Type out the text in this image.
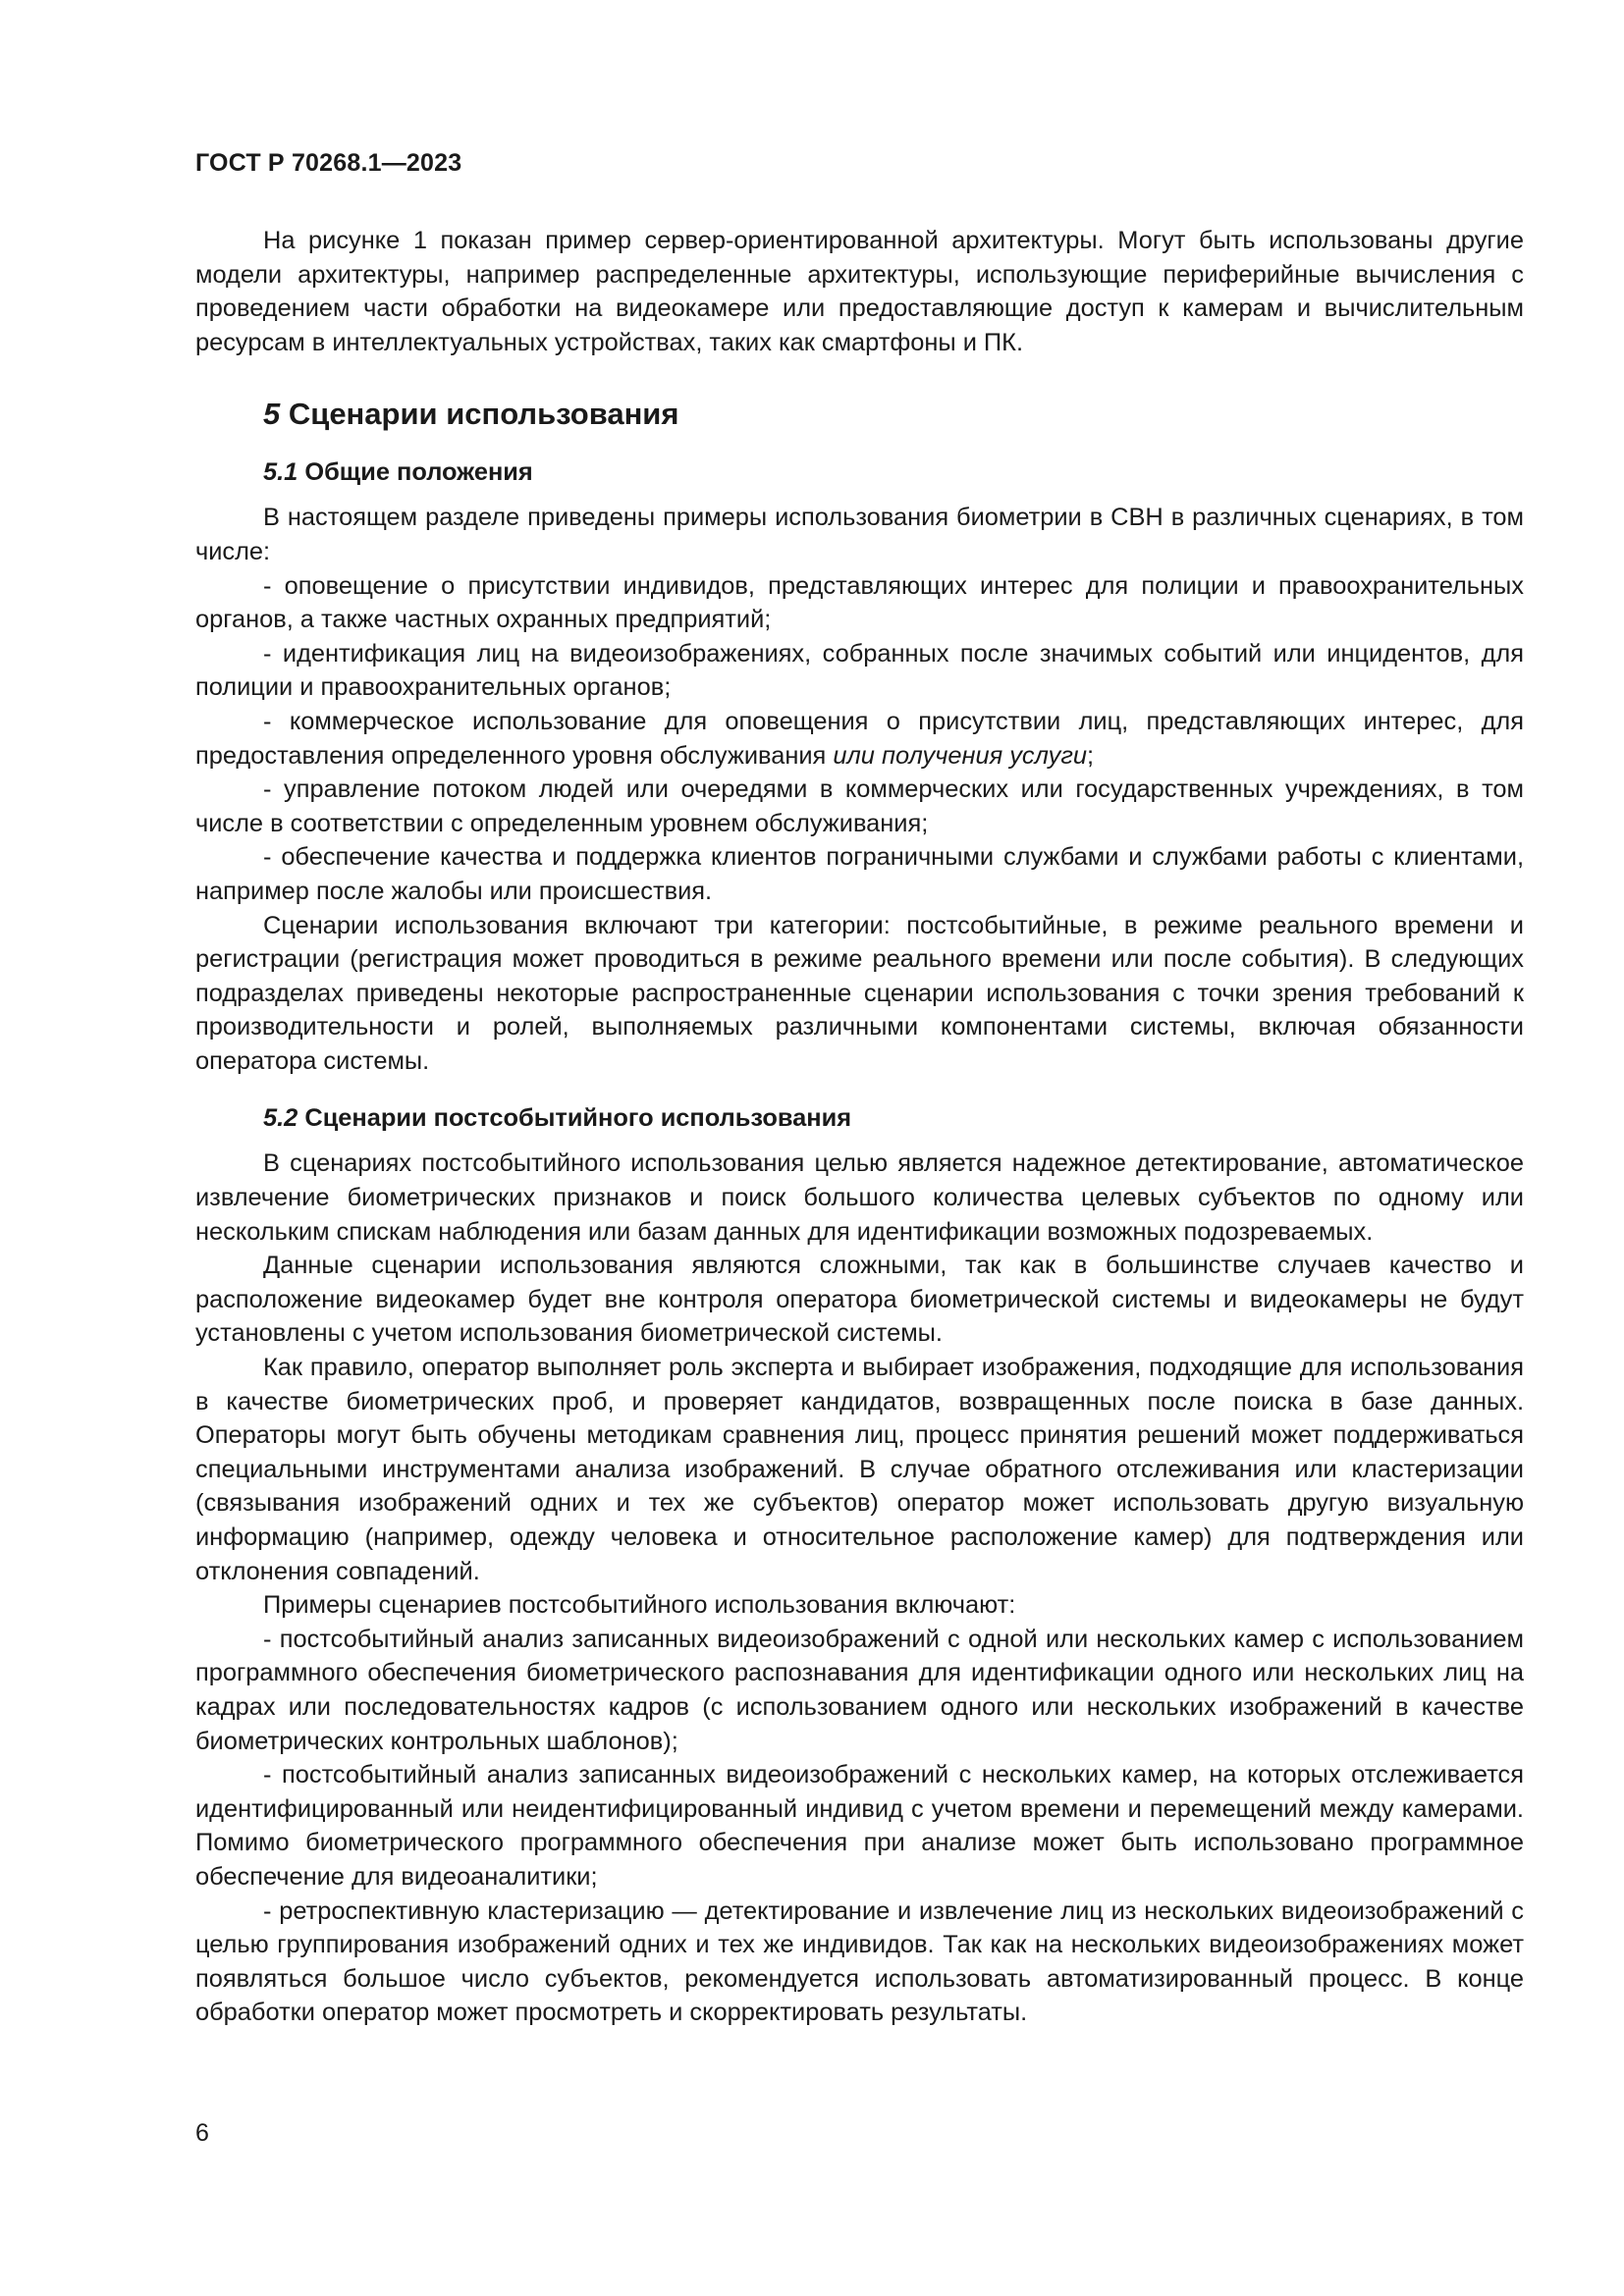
ГОСТ Р 70268.1—2023

На рисунке 1 показан пример сервер-ориентированной архитектуры. Могут быть использованы другие модели архитектуры, например распределенные архитектуры, использующие периферийные вычисления с проведением части обработки на видеокамере или предоставляющие доступ к камерам и вычислительным ресурсам в интеллектуальных устройствах, таких как смартфоны и ПК.

5 Сценарии использования
5.1 Общие положения

В настоящем разделе приведены примеры использования биометрии в СВН в различных сценариях, в том числе:

- оповещение о присутствии индивидов, представляющих интерес для полиции и правоохранительных органов, а также частных охранных предприятий;

- идентификация лиц на видеоизображениях, собранных после значимых событий или инцидентов, для полиции и правоохранительных органов;

- коммерческое использование для оповещения о присутствии лиц, представляющих интерес, для предоставления определенного уровня обслуживания или получения услуги;

- управление потоком людей или очередями в коммерческих или государственных учреждениях, в том числе в соответствии с определенным уровнем обслуживания;

- обеспечение качества и поддержка клиентов пограничными службами и службами работы с клиентами, например после жалобы или происшествия.

Сценарии использования включают три категории: постсобытийные, в режиме реального времени и регистрации (регистрация может проводиться в режиме реального времени или после события). В следующих подразделах приведены некоторые распространенные сценарии использования с точки зрения требований к производительности и ролей, выполняемых различными компонентами системы, включая обязанности оператора системы.

5.2 Сценарии постсобытийного использования

В сценариях постсобытийного использования целью является надежное детектирование, автоматическое извлечение биометрических признаков и поиск большого количества целевых субъектов по одному или нескольким спискам наблюдения или базам данных для идентификации возможных подозреваемых.

Данные сценарии использования являются сложными, так как в большинстве случаев качество и расположение видеокамер будет вне контроля оператора биометрической системы и видеокамеры не будут установлены с учетом использования биометрической системы.

Как правило, оператор выполняет роль эксперта и выбирает изображения, подходящие для использования в качестве биометрических проб, и проверяет кандидатов, возвращенных после поиска в базе данных. Операторы могут быть обучены методикам сравнения лиц, процесс принятия решений может поддерживаться специальными инструментами анализа изображений. В случае обратного отслеживания или кластеризации (связывания изображений одних и тех же субъектов) оператор может использовать другую визуальную информацию (например, одежду человека и относительное расположение камер) для подтверждения или отклонения совпадений.

Примеры сценариев постсобытийного использования включают:

- постсобытийный анализ записанных видеоизображений с одной или нескольких камер с использованием программного обеспечения биометрического распознавания для идентификации одного или нескольких лиц на кадрах или последовательностях кадров (с использованием одного или нескольких изображений в качестве биометрических контрольных шаблонов);

- постсобытийный анализ записанных видеоизображений с нескольких камер, на которых отслеживается идентифицированный или неидентифицированный индивид с учетом времени и перемещений между камерами. Помимо биометрического программного обеспечения при анализе может быть использовано программное обеспечение для видеоаналитики;

- ретроспективную кластеризацию — детектирование и извлечение лиц из нескольких видеоизображений с целью группирования изображений одних и тех же индивидов. Так как на нескольких видеоизображениях может появляться большое число субъектов, рекомендуется использовать автоматизированный процесс. В конце обработки оператор может просмотреть и скорректировать результаты.

6
